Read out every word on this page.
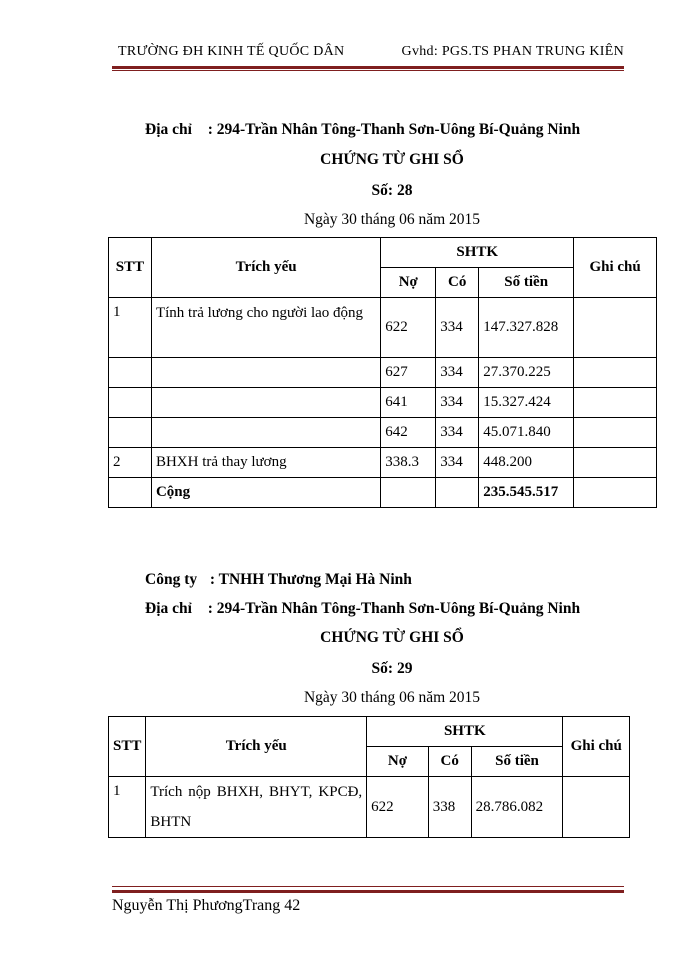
TRƯỜNG ĐH KINH TẾ QUỐC DÂN	Gvhd: PGS.TS PHAN TRUNG KIÊN
Địa chỉ : 294-Trần Nhân Tông-Thanh Sơn-Uông Bí-Quảng Ninh
CHỨNG TỪ GHI SỔ
Số: 28
Ngày 30 tháng 06 năm 2015
STT	Trích yếu	SHTK			Ghi chú
		Nợ	Có	Số tiền	
1	Tính trả lương cho người lao động	622	334	147.327.828	
		627	334	27.370.225	
		641	334	15.327.424	
		642	334	45.071.840	
2	BHXH trả thay lương	338.3	334	448.200	
	Cộng			235.545.517	
Công ty : TNHH Thương Mại Hà Ninh
Địa chỉ : 294-Trần Nhân Tông-Thanh Sơn-Uông Bí-Quảng Ninh
CHỨNG TỪ GHI SỔ
Số: 29
Ngày 30 tháng 06 năm 2015
STT	Trích yếu	SHTK			Ghi chú
		Nợ	Có	Số tiền	
1	Trích nộp BHXH, BHYT, KPCĐ, BHTN	622	338	28.786.082	
Nguyễn Thị PhươngTrang 42
